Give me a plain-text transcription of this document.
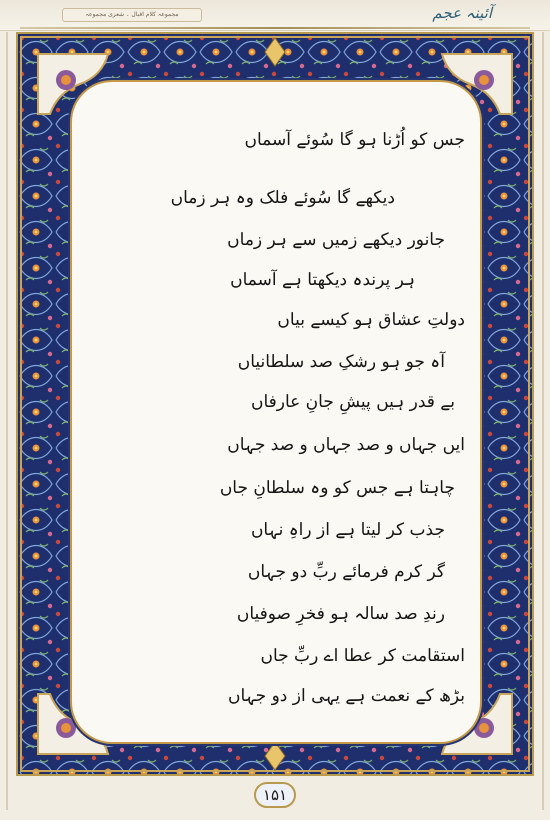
مجموعہ کلام اقبال ۔ شعری مجموعہ	آئینہ عجم
جس کو اُڑنا ہو گا سُوئے آسماں
دیکھے گا سُوئے فلک وہ ہر زماں
جانور دیکھے زمیں سے ہر زماں
ہر پرندہ دیکھتا ہے آسماں
دولتِ عشاق ہو کیسے بیاں
آہ جو ہو رشکِ صد سلطانیاں
بے قدر ہیں پیشِ جانِ عارفاں
ایں جہاں و صد جہاں و صد جہاں
چاہتا ہے جس کو وہ سلطانِ جاں
جذب کر لیتا ہے از راہِ نہاں
گر کرم فرمائے ربِّ دو جہاں
رندِ صد سالہ ہو فخرِ صوفیاں
استقامت کر عطا اے ربِّ جاں
بڑھ کے نعمت ہے یہی از دو جہاں
۱۵۱
